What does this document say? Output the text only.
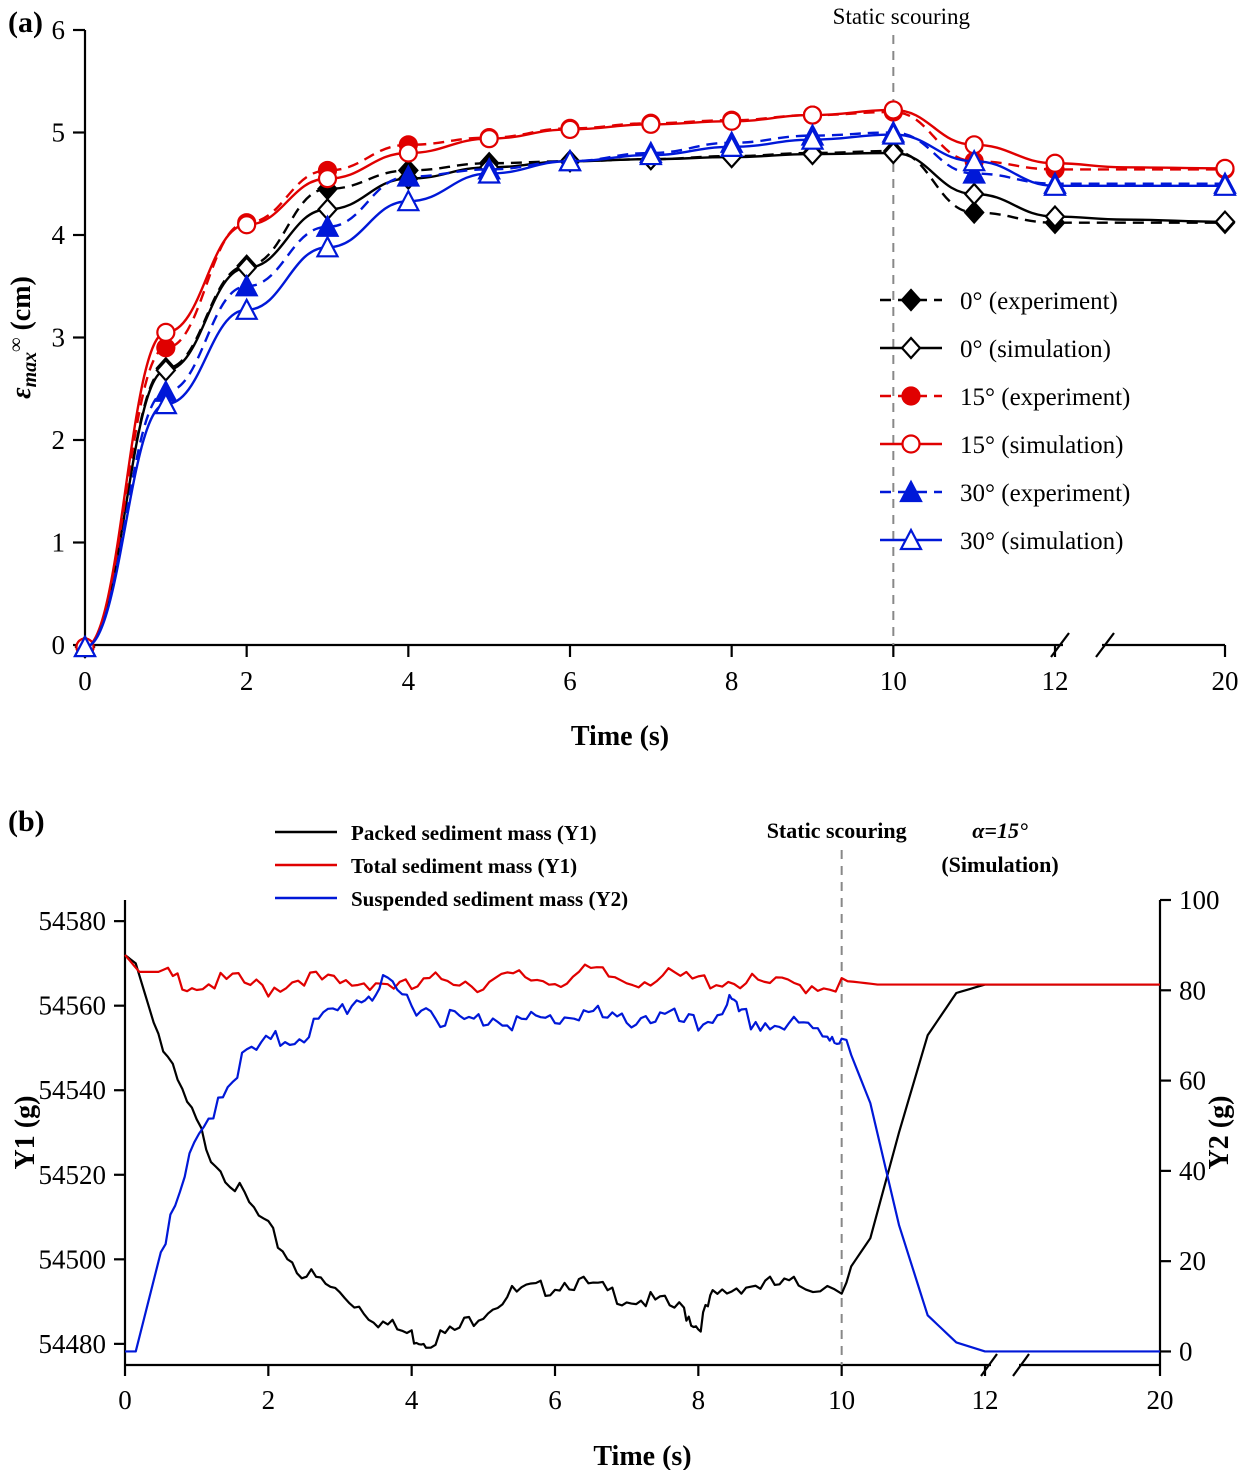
(a)
0
1
2
3
4
5
6
0	2	4	6	8	10	12	20
Static scouring
Time (s)
εmax∞ (cm)	0° (experiment)
0° (simulation)
15° (experiment)
15° (simulation)
30° (experiment)
30° (simulation)
(b)
54480
54500
54520
54540
54560
54580
0
20
40
60
80
100
0	2	4	6	8	10	12	20
Static scouring	α=15°
(Simulation)
Time (s)
Y1 (g)	Y2 (g)
Packed sediment mass (Y1)
Total sediment mass (Y1)
Suspended sediment mass (Y2)
